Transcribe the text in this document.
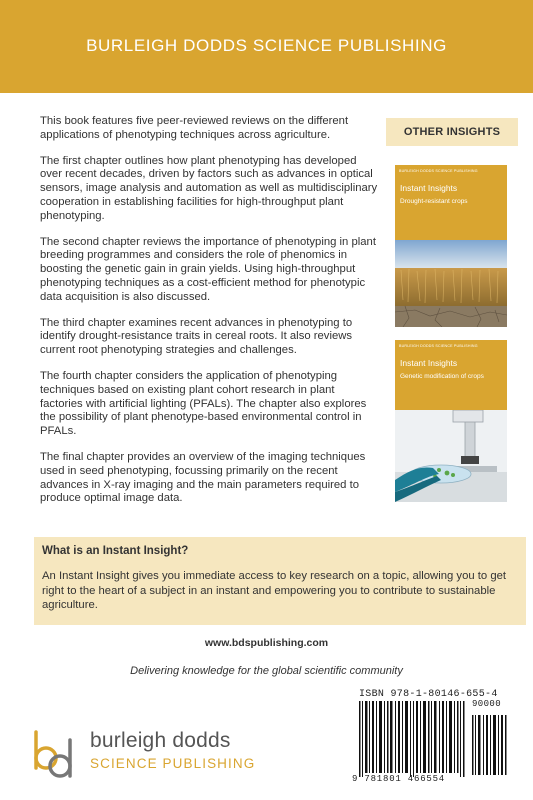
BURLEIGH DODDS SCIENCE PUBLISHING

This book features five peer-reviewed reviews on the different applications of phenotyping techniques across agriculture.

The first chapter outlines how plant phenotyping has developed over recent decades, driven by factors such as advances in optical sensors, image analysis and automation as well as multidisciplinary cooperation in establishing facilities for high-throughput plant phenotyping.

The second chapter reviews the importance of phenotyping in plant breeding programmes and considers the role of phenomics in boosting the genetic gain in grain yields. Using high-throughput phenotyping techniques as a cost-efficient method for phenotypic data acquisition is also discussed.

The third chapter examines recent advances in phenotyping to identify drought-resistance traits in cereal roots. It also reviews current root phenotyping strategies and challenges.

The fourth chapter considers the application of phenotyping techniques based on existing plant cohort research in plant factories with artificial lighting (PFALs). The chapter also explores the possibility of plant phenotype-based environmental control in PFALs.

The final chapter provides an overview of the imaging techniques used in seed phenotyping, focussing primarily on the recent advances in X-ray imaging and the main parameters required to produce optimal image data.

OTHER INSIGHTS
BURLEIGH DODDS SCIENCE PUBLISHING
Instant Insights
Drought-resistant crops
BURLEIGH DODDS SCIENCE PUBLISHING
Instant Insights
Genetic modification of crops
What is an Instant Insight?
An Instant Insight gives you immediate access to key research on a topic, allowing you to get right to the heart of a subject in an instant and empowering you to contribute to sustainable agriculture.
www.bdspublishing.com
Delivering knowledge for the global scientific community
burleigh dodds
SCIENCE PUBLISHING
ISBN 978-1-80146-655-4
90000
9 781801 466554
